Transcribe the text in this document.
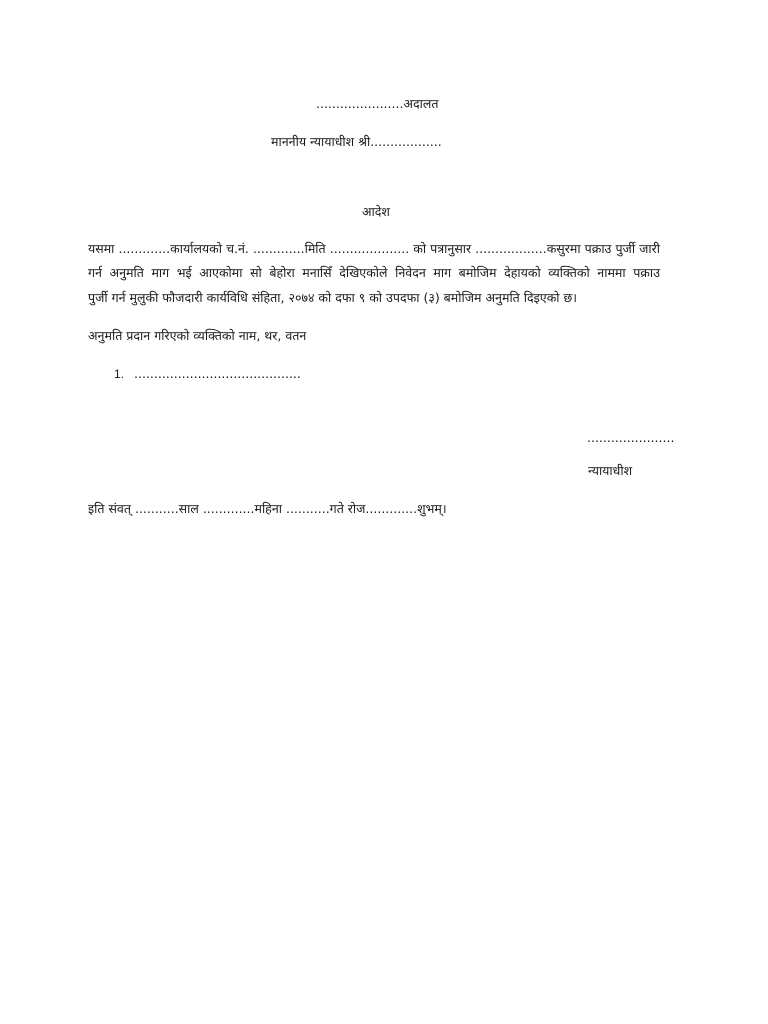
......................अदालत
माननीय न्यायाधीश श्री..................
आदेश
यसमा .............कार्यालयको च.नं. .............मिति .................... को पत्रानुसार ..................कसुरमा पक्राउ पुर्जी जारी
गर्न अनुमति माग भई आएकोमा सो बेहोरा मनासिँ देखिएकोले निवेदन माग बमोजिम देहायको व्यक्तिको नाममा पक्राउ
पुर्जी गर्न मुलुकी फौजदारी कार्यविधि संहिता, २०७४ को दफा ९ को उपदफा (३) बमोजिम अनुमति दिइएको छ।
अनुमति प्रदान गरिएको व्यक्तिको नाम, थर, वतन
1. ..........................................
......................
न्यायाधीश
इति संवत् ...........साल .............महिना ...........गते रोज.............शुभम्।
